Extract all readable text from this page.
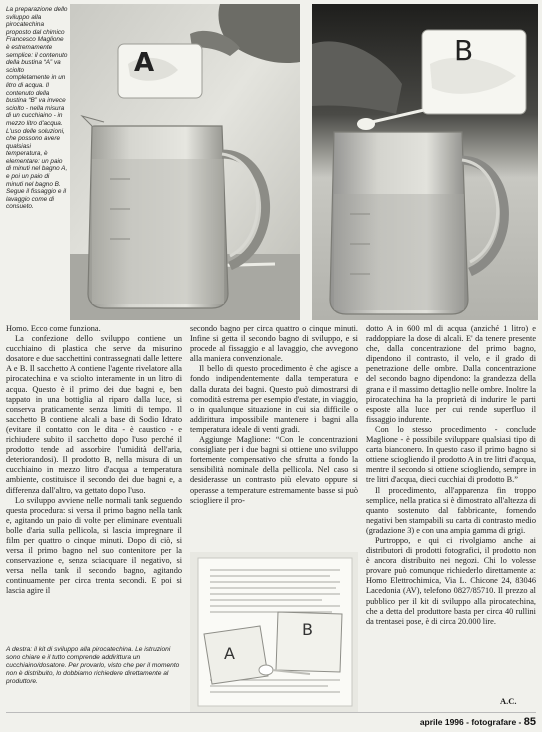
La preparazione dello sviluppo alla pirocatechina proposto dal chimico Francesco Maglione è estremamente semplice: il contenuto della bustina “A” va sciolto completamente in un litro di acqua. Il contenuto della bustina “B” va invece sciolto - nella misura di un cucchiaino - in mezzo litro d'acqua. L'uso delle soluzioni, che possono avere qualsiasi temperatura, è elementare: un paio di minuti nel bagno A, e poi un paio di minuti nel bagno B. Segue il fissaggio e il lavaggio come di consueto.

A	B

Homo. Ecco come funziona.

La confezione dello sviluppo contiene un cucchiaino di plastica che serve da misurino dosatore e due sacchettini contrassegnati dalle lettere A e B. Il sacchetto A contiene l'agente rivelatore alla pirocatechina e va sciolto interamente in un litro di acqua. Questo è il primo dei due bagni e, ben tappato in una bottiglia al riparo dalla luce, si conserva praticamente senza limiti di tempo. Il sacchetto B contiene alcali a base di Sodio Idrato (evitare il contatto con le dita - è caustico - e richiudere subito il sacchetto dopo l'uso perché il prodotto tende ad assorbire l'umidità dell'aria, deteriorandosi). Il prodotto B, nella misura di un cucchiaino in mezzo litro d'acqua a temperatura ambiente, costituisce il secondo dei due bagni e, a differenza dall'altro, va gettato dopo l'uso.

Lo sviluppo avviene nelle normali tank seguendo questa procedura: si versa il primo bagno nella tank e, agitando un paio di volte per eliminare eventuali bolle d'aria sulla pellicola, si lascia impregnare il film per quattro o cinque minuti. Dopo di ciò, si versa il primo bagno nel suo contenitore per la conservazione e, senza sciacquare il negativo, si versa nella tank il secondo bagno, agitando continuamente per circa trenta secondi. E poi si lascia agire il

A destra: il kit di sviluppo alla pirocatechina. Le istruzioni sono chiare e il tutto comprende addirittura un cucchiaino/dosatore. Per provarlo, visto che per il momento non è distribuito, lo dobbiamo richiedere direttamente al produttore.

secondo bagno per circa quattro o cinque minuti. Infine si getta il secondo bagno di sviluppo, e si procede al fissaggio e al lavaggio, che avvegono alla maniera convenzionale.

Il bello di questo procedimento è che agisce a fondo indipendentemente dalla temperatura e dalla durata dei bagni. Questo può dimostrarsi di comodità estrema per esempio d'estate, in viaggio, o in qualunque situazione in cui sia difficile o addirittura impossibile mantenere i bagni alla temperatura ideale di venti gradi.

Aggiunge Maglione: “Con le concentrazioni consigliate per i due bagni si ottiene uno sviluppo fortemente compensativo che sfrutta a fondo la sensibilità nominale della pellicola. Nel caso si desiderasse un contrasto più elevato oppure si operasse a temperature estremamente basse si può sciogliere il pro-

A
B

dotto A in 600 ml di acqua (anziché 1 litro) e raddoppiare la dose di alcali. E' da tenere presente che, dalla concentrazione del primo bagno, dipendono il contrasto, il velo, e il grado di penetrazione delle ombre. Dalla concentrazione del secondo bagno dipendono: la grandezza della grana e il massimo dettaglio nelle ombre. Inoltre la pirocatechina ha la proprietà di indurire le parti esposte alla luce per cui rende superfluo il fissaggio indurente.

Con lo stesso procedimento - conclude Maglione - è possibile sviluppare qualsiasi tipo di carta bianconero. In questo caso il primo bagno si ottiene sciogliendo il prodotto A in tre litri d'acqua, mentre il secondo si ottiene sciogliendo, sempre in tre litri d'acqua, dieci cucchiai di prodotto B.”

Il procedimento, all'apparenza fin troppo semplice, nella pratica si è dimostrato all'altezza di quanto sostenuto dal fabbricante, fornendo negativi ben stampabili su carta di contrasto medio (gradazione 3) e con una ampia gamma di grigi.

Purtroppo, e qui ci rivolgiamo anche ai distributori di prodotti fotografici, il prodotto non è ancora distribuito nei negozi. Chi lo volesse provare può comunque richiederlo direttamente a: Homo Elettrochimica, Via L. Chicone 24, 83046 Lacedonia (AV), telefono 0827/85710. Il prezzo al pubblico per il kit di sviluppo alla pirocatechina, che a detta del produttore basta per circa 40 rullini da trentasei pose, è di circa 20.000 lire.

A.C.
aprile 1996 - fotografare - 85
